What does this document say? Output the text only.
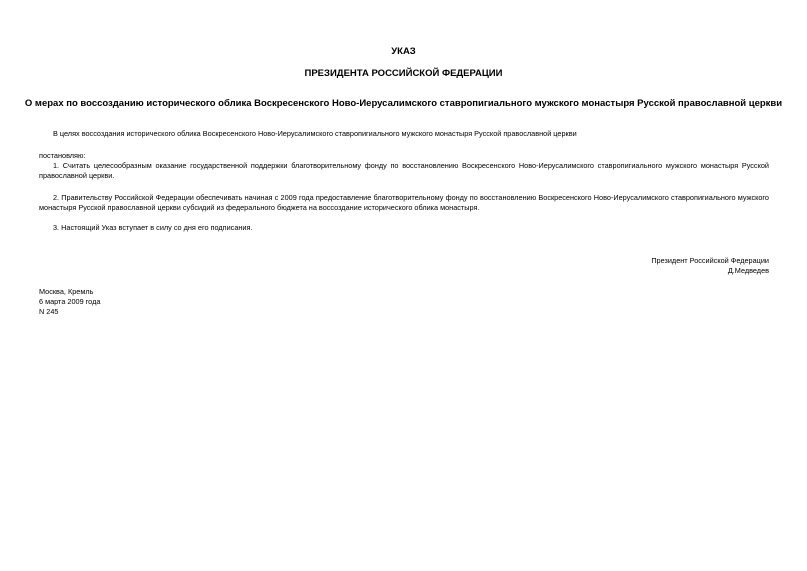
УКАЗ
ПРЕЗИДЕНТА РОССИЙСКОЙ ФЕДЕРАЦИИ
О мерах по воссозданию исторического облика Воскресенского Ново-Иерусалимского ставропигиального мужского монастыря Русской православной церкви
В целях воссоздания исторического облика Воскресенского Ново-Иерусалимского ставропигиального мужского монастыря Русской православной церкви
постановляю:
1. Считать целесообразным оказание государственной поддержки благотворительному фонду по восстановлению Воскресенского Ново-Иерусалимского ставропигиального мужского монастыря Русской православной церкви.
2. Правительству Российской Федерации обеспечивать начиная с 2009 года предоставление благотворительному фонду по восстановлению Воскресенского Ново-Иерусалимского ставропигиального мужского монастыря Русской православной церкви субсидий из федерального бюджета на воссоздание исторического облика монастыря.
3. Настоящий Указ вступает в силу со дня его подписания.
Президент Российской Федерации
Д.Медведев
Москва, Кремль
6 марта 2009 года
N 245
